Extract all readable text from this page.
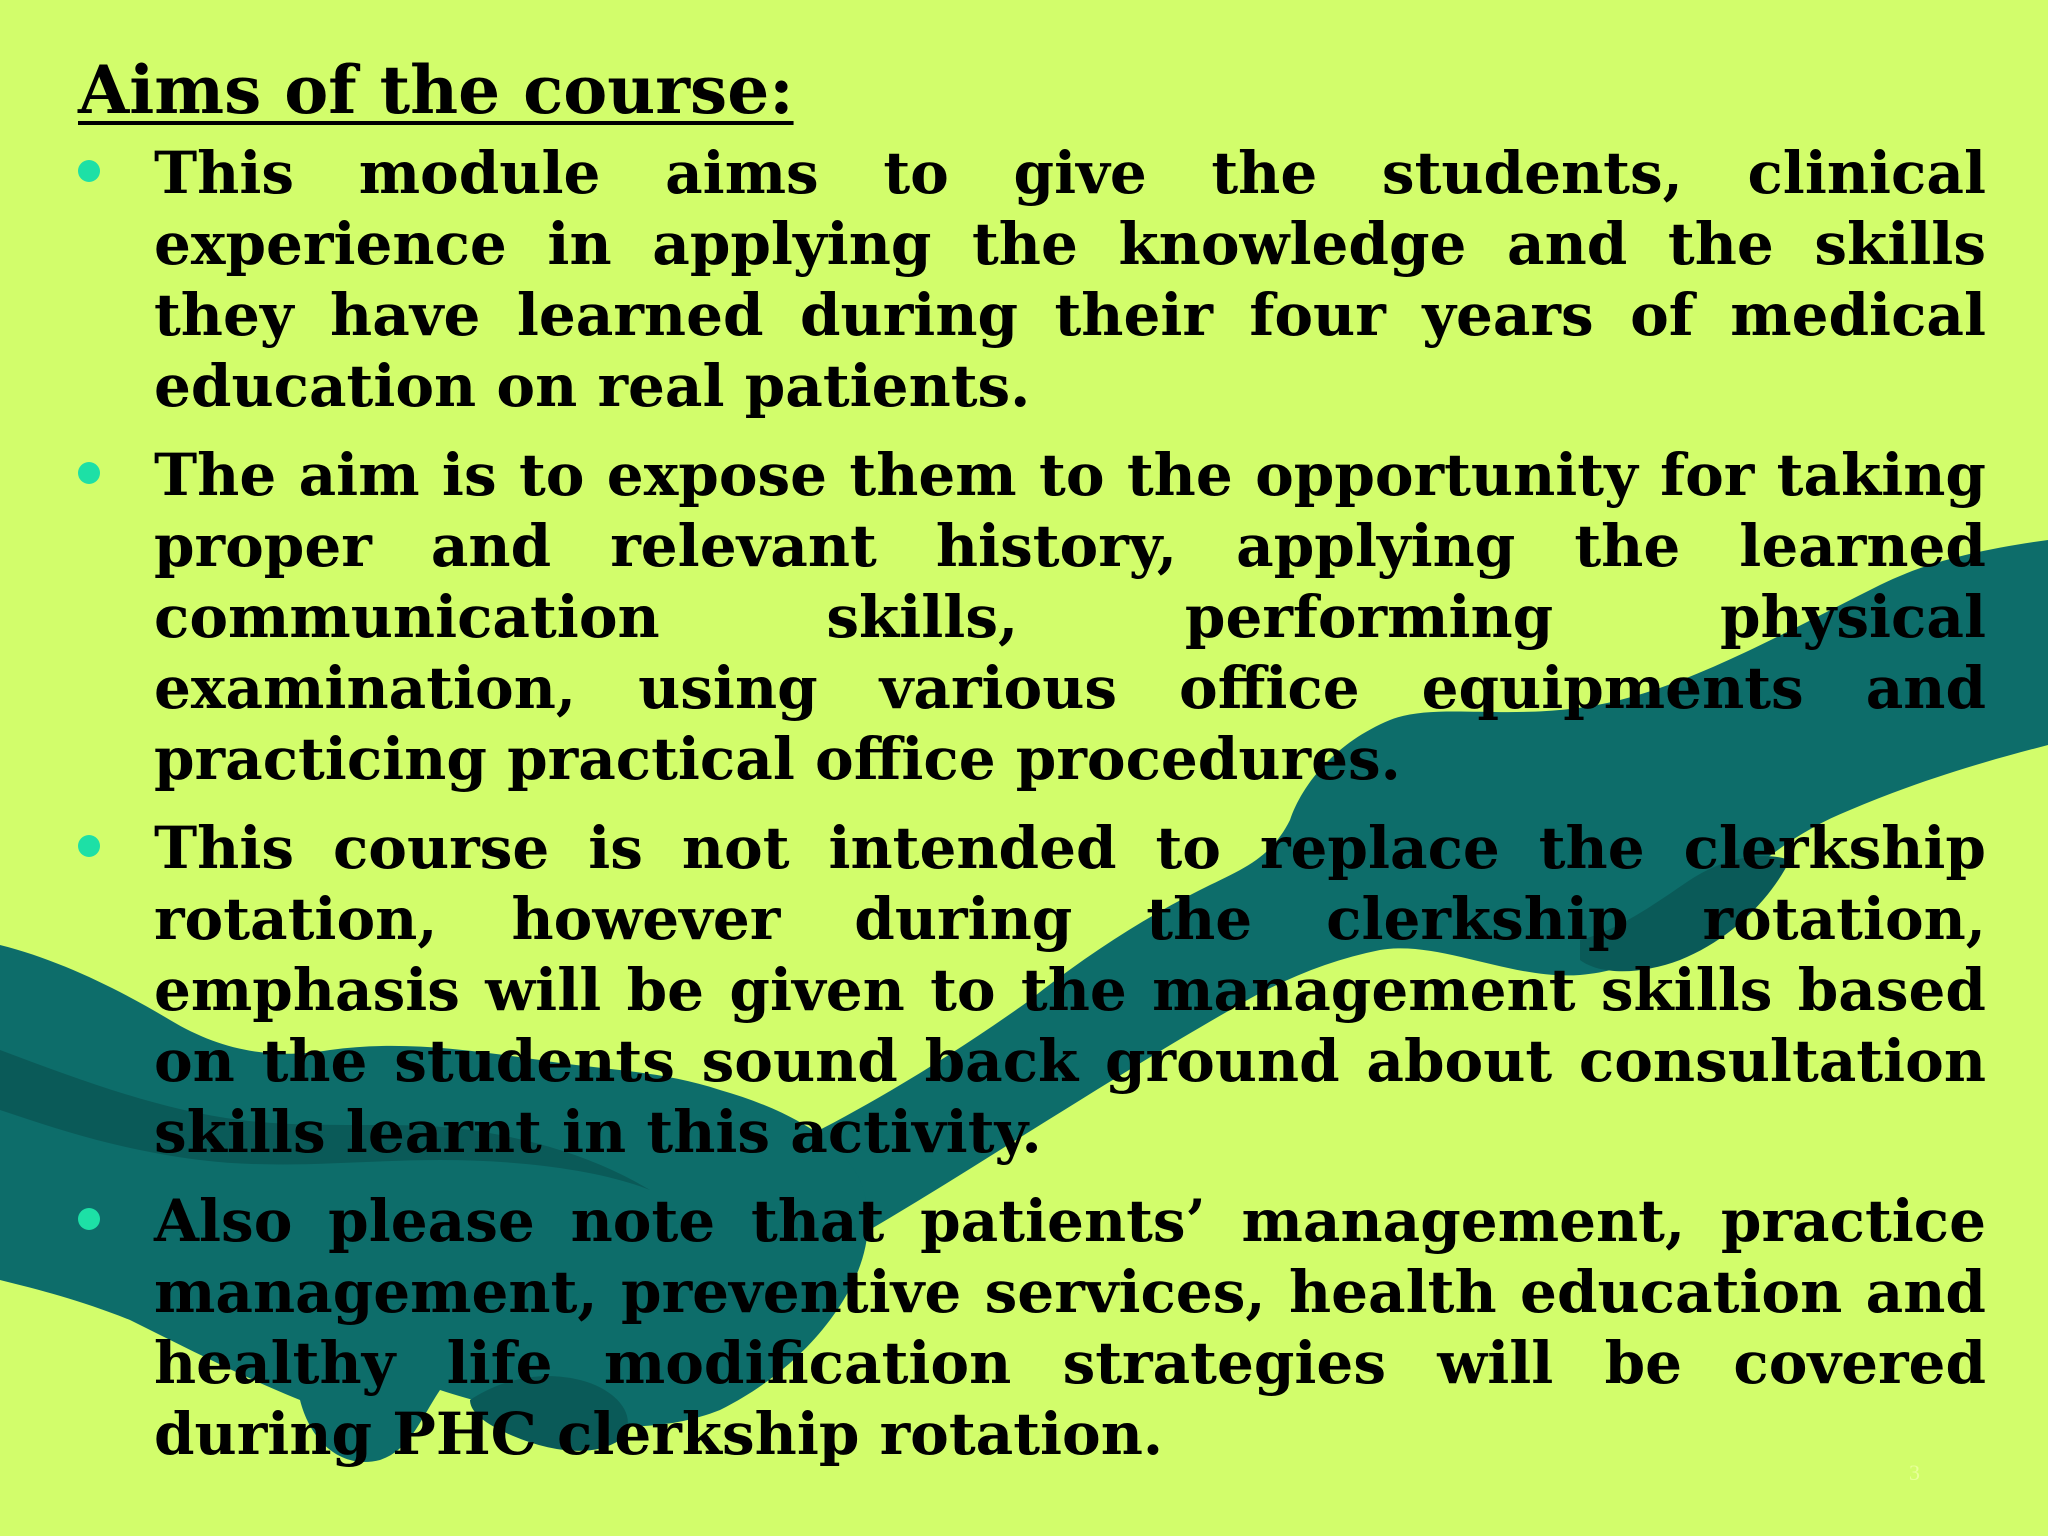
Aims of the course:
This module aims to give the students, clinical experience in applying the knowledge and the skills they have learned during their four years of medical education on real patients.
The aim is to expose them to the opportunity for taking proper and relevant history, applying the learned communication skills, performing physical examination, using various office equipments and practicing practical office procedures.
This course is not intended to replace the clerkship rotation, however during the clerkship rotation, emphasis will be given to the management skills based on the students sound back ground about consultation skills learnt in this activity.
Also please note that patients’ management, practice management, preventive services, health education and healthy life modification strategies will be covered during PHC clerkship rotation.
3
